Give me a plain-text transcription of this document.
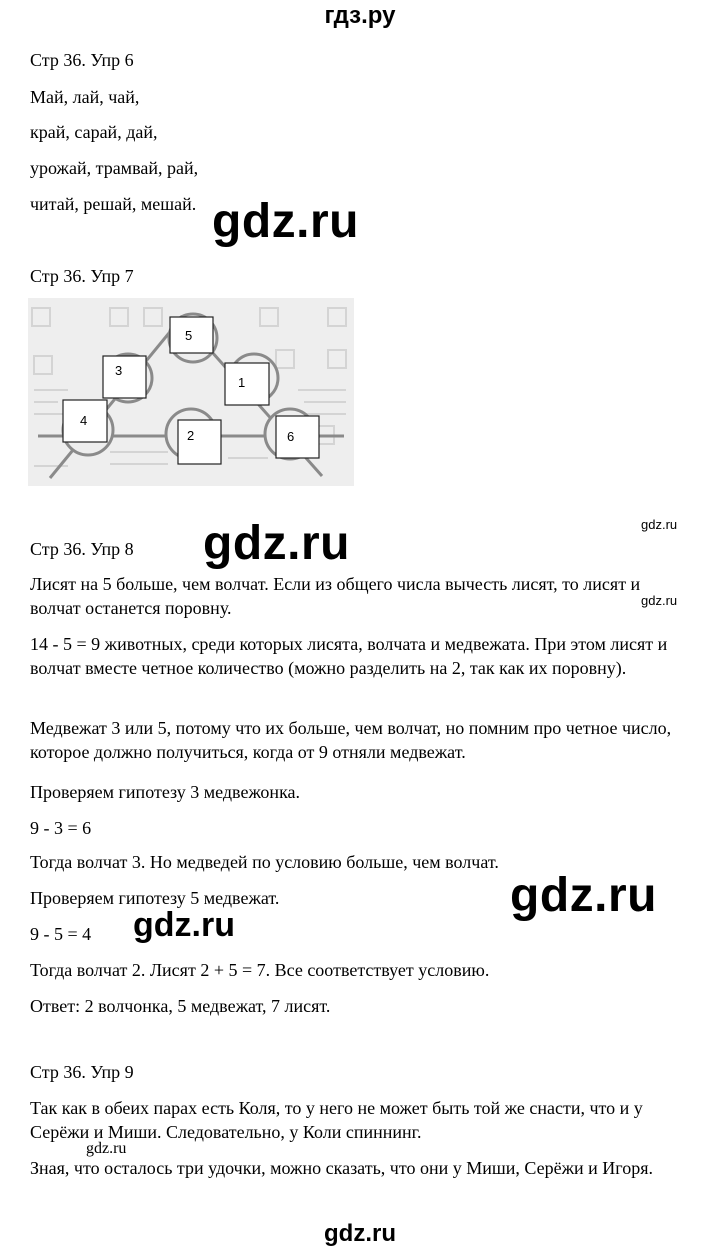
гдз.ру
Стр 36. Упр 6
Май, лай, чай,
край, сарай, дай,
урожай, трамвай, рай,
читай, решай, мешай. gdz.ru
Стр 36. Упр 7
5
3
1
4
2	6
gdz.ru
Стр 36. Упр 8 gdz.ru
Лисят на 5 больше, чем волчат. Если из общего числа вычесть лисят, то лисят и волчат останется поровну.	gdz.ru
14 - 5 = 9 животных, среди которых лисята, волчата и медвежата. При этом лисят и волчат вместе четное количество (можно разделить на 2, так как их поровну).
Медвежат 3 или 5, потому что их больше, чем волчат, но помним про четное число, которое должно получиться, когда от 9 отняли медвежат.
Проверяем гипотезу 3 медвежонка.
9 - 3 = 6
Тогда волчат 3. Но медведей по условию больше, чем волчат.
Проверяем гипотезу 5 медвежат.	gdz.ru
9 - 5 = 4 gdz.ru
Тогда волчат 2. Лисят 2 + 5 = 7. Все соответствует условию.
Ответ: 2 волчонка, 5 медвежат, 7 лисят.
Стр 36. Упр 9
Так как в обеих парах есть Коля, то у него не может быть той же снасти, что и у Серёжи и Миши. Следовательно, у Коли спиннинг.
gdz.ru
Зная, что осталось три удочки, можно сказать, что они у Миши, Серёжи и Игоря.
gdz.ru
